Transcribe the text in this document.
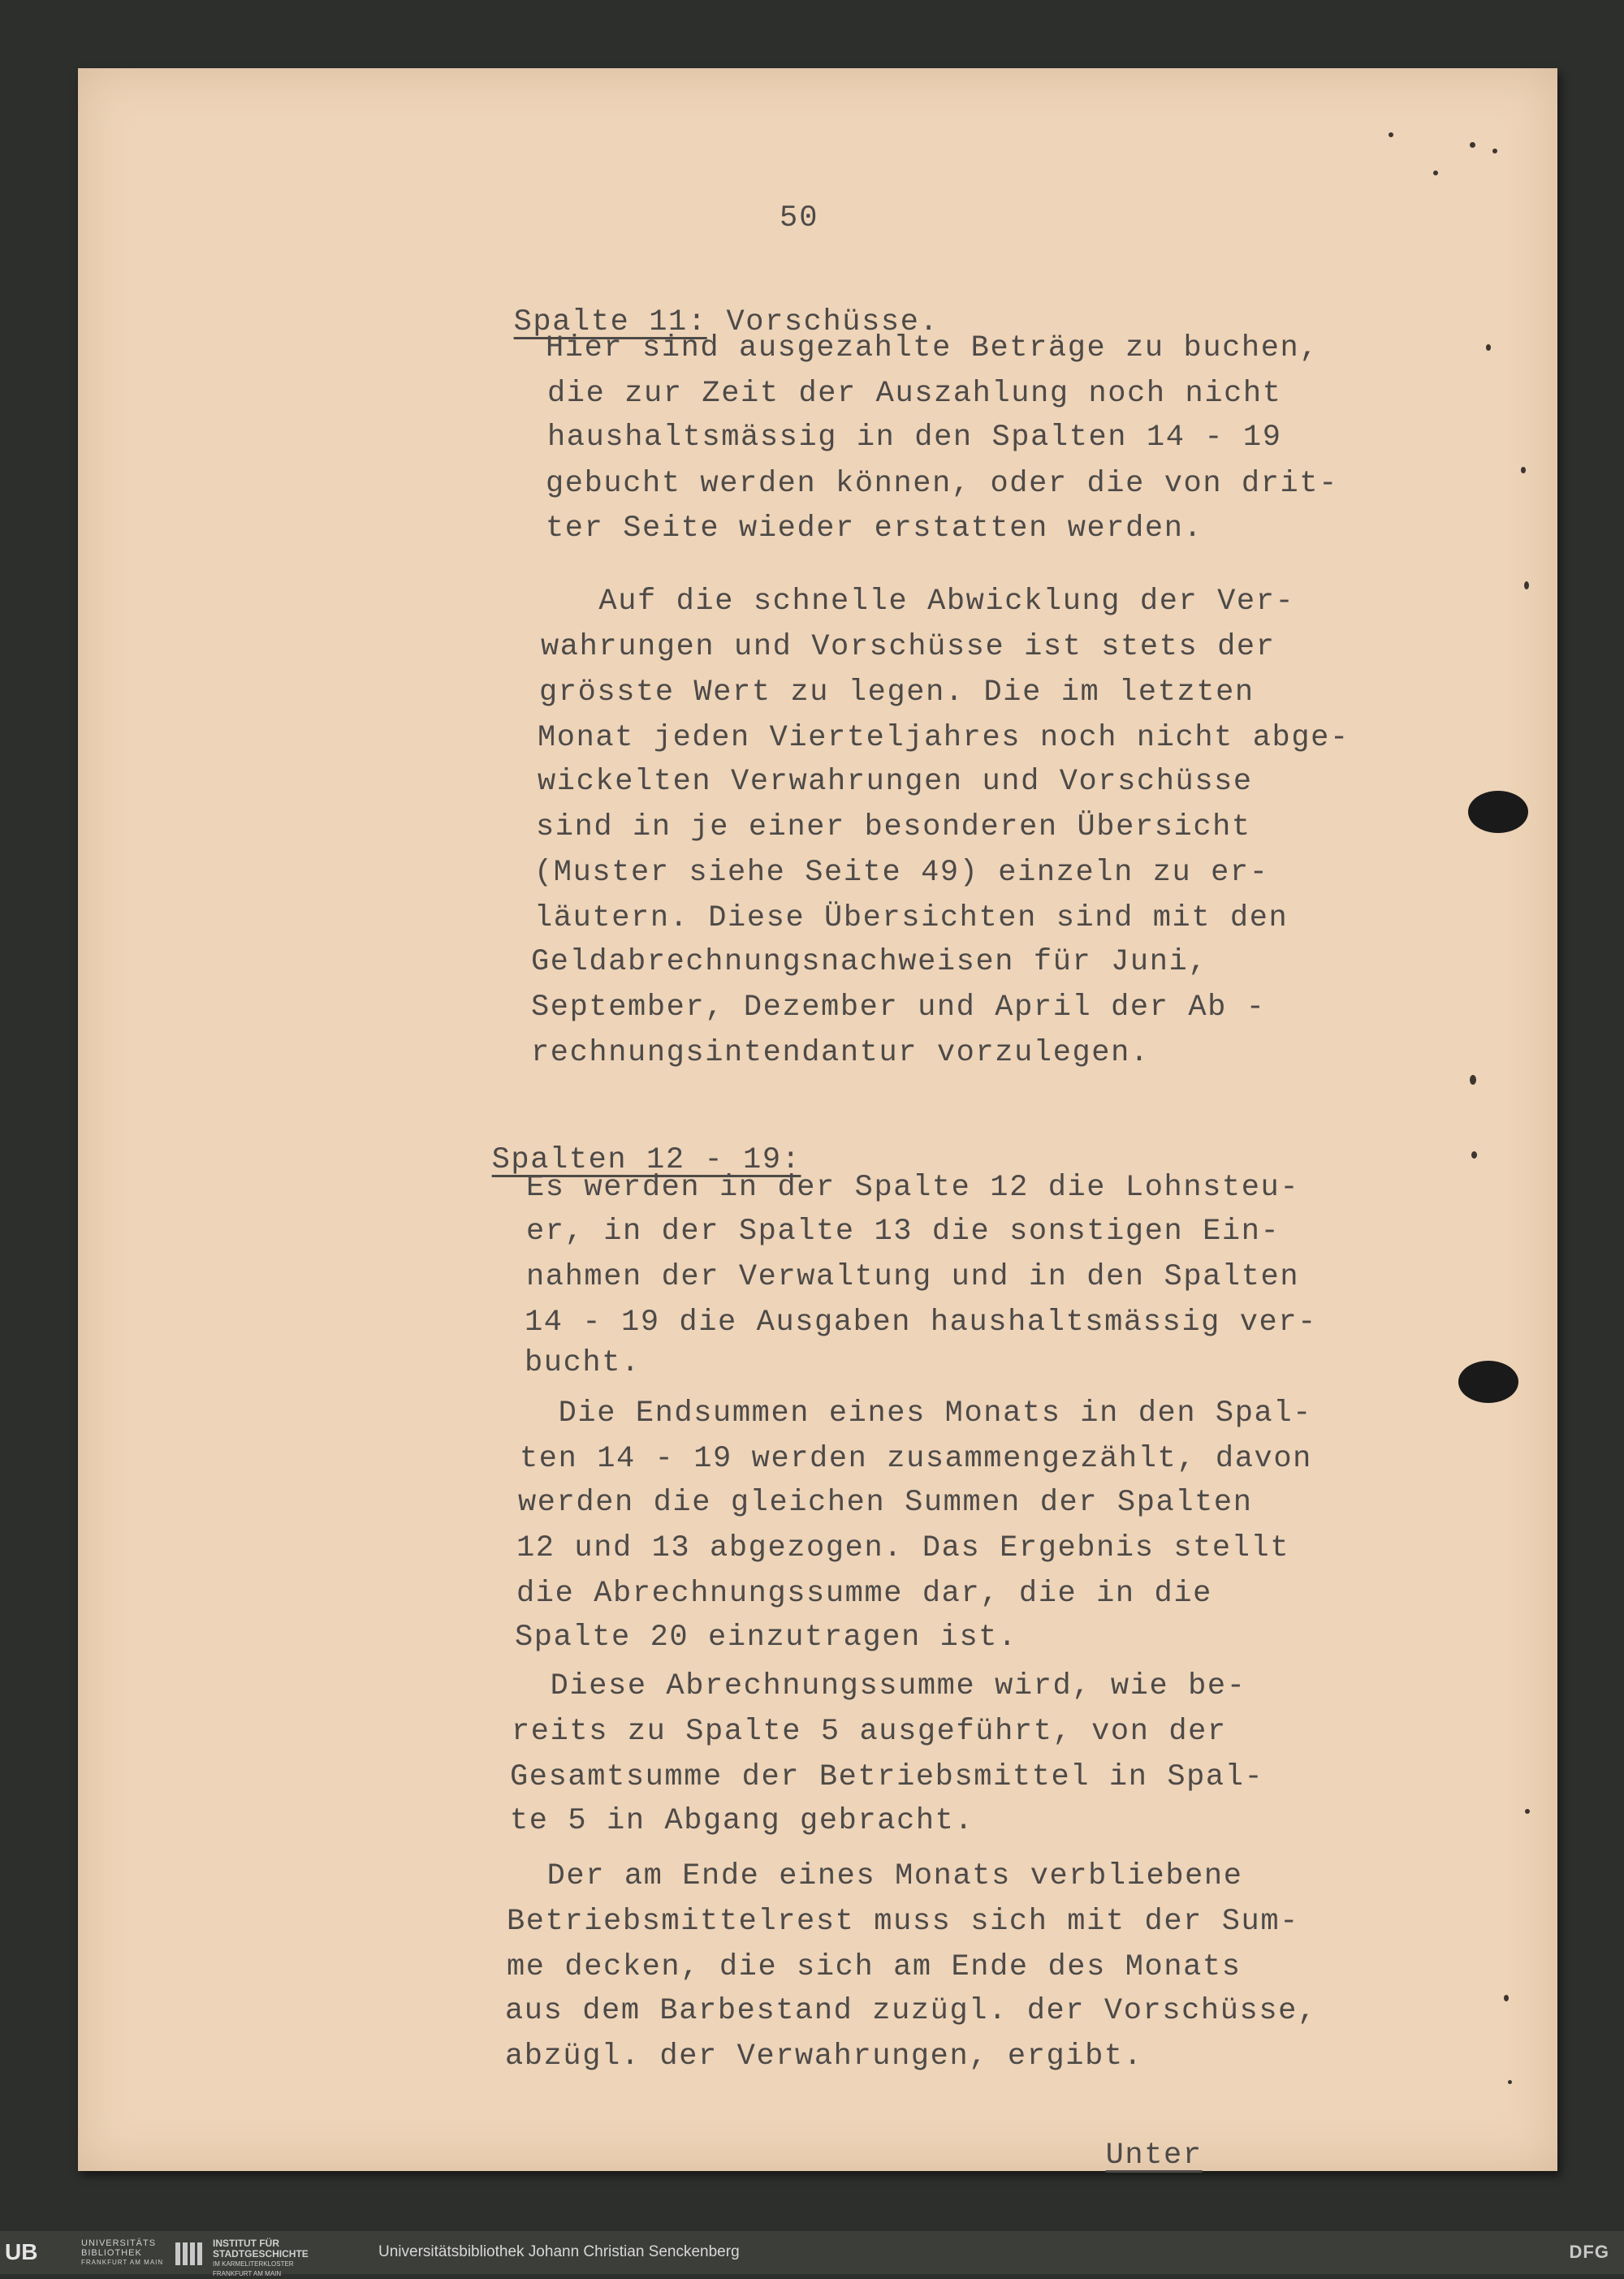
50

Spalte 11: Vorschüsse.

Hier sind ausgezahlte Beträge zu buchen,

die zur Zeit der Auszahlung noch nicht

haushaltsmässig in den Spalten 14 - 19

gebucht werden können, oder die von drit-

ter Seite wieder erstatten werden.

Auf die schnelle Abwicklung der Ver-

wahrungen und Vorschüsse ist stets der

grösste Wert zu legen. Die im letzten

Monat jeden Vierteljahres noch nicht abge-

wickelten Verwahrungen und Vorschüsse

sind in je einer besonderen Übersicht

(Muster siehe Seite 49) einzeln zu er-

läutern. Diese Übersichten sind mit den

Geldabrechnungsnachweisen für Juni,

September, Dezember und April der Ab -

rechnungsintendantur vorzulegen.

Spalten 12 - 19:

Es werden in der Spalte 12 die Lohnsteu-

er, in der Spalte 13 die sonstigen Ein-

nahmen der Verwaltung und in den Spalten

14 - 19 die Ausgaben haushaltsmässig ver-

bucht.

Die Endsummen eines Monats in den Spal-

ten 14 - 19 werden zusammengezählt, davon

werden die gleichen Summen der Spalten

12 und 13 abgezogen. Das Ergebnis stellt

die Abrechnungssumme dar, die in die

Spalte 20 einzutragen ist.

Diese Abrechnungssumme wird, wie be-

reits zu Spalte 5 ausgeführt, von der

Gesamtsumme der Betriebsmittel in Spal-

te 5 in Abgang gebracht.

Der am Ende eines Monats verbliebene

Betriebsmittelrest muss sich mit der Sum-

me decken, die sich am Ende des Monats

aus dem Barbestand zuzügl. der Vorschüsse,

abzügl. der Verwahrungen, ergibt.

Unter

UB	UNIVERSITÄTS
BIBLIOTHEK
FRANKFURT AM MAIN
INSTITUT FÜR
STADTGESCHICHTE
IM KARMELITERKLOSTER
FRANKFURT AM MAIN
Universitätsbibliothek Johann Christian Senckenberg	DFG
